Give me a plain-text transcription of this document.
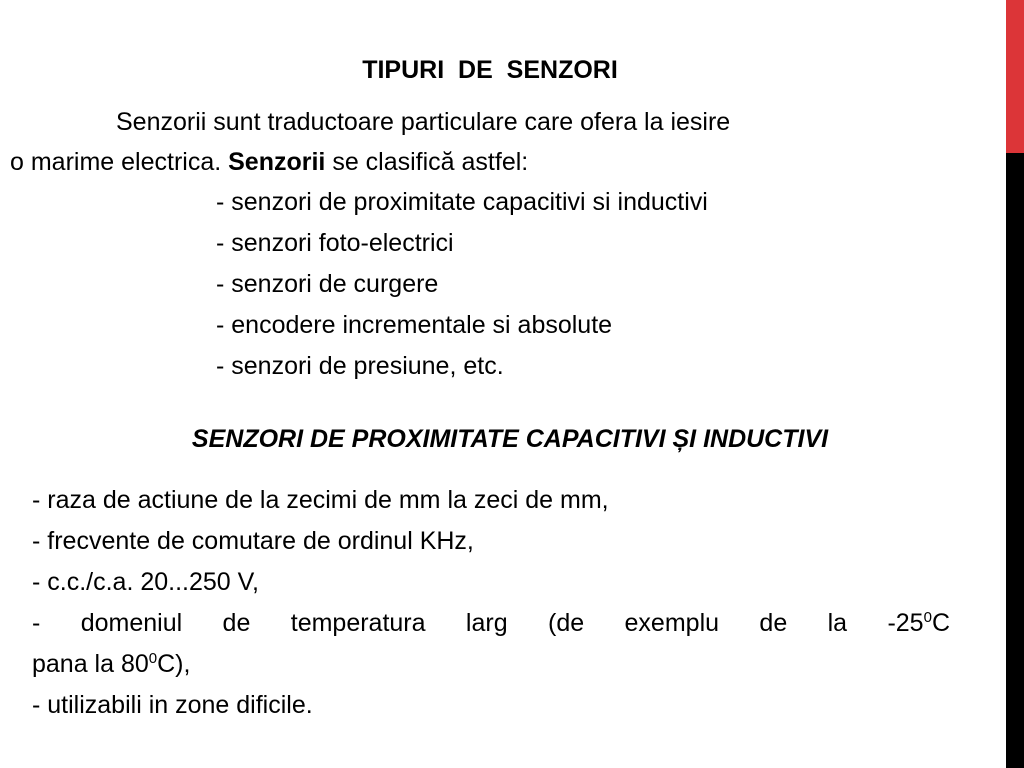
TIPURI  DE  SENZORI

Senzorii sunt traductoare particulare care ofera la iesire
o marime electrica. Senzorii se clasifică astfel:

- senzori de proximitate capacitivi si inductivi
- senzori foto-electrici
- senzori de curgere
- encodere incrementale si absolute
- senzori de presiune, etc.
SENZORI DE PROXIMITATE CAPACITIVI ȘI INDUCTIVI
- raza de actiune de la zecimi de mm la zeci de mm,
- frecvente de comutare de ordinul KHz,
- c.c./c.a. 20...250 V,
- domeniul de temperatura larg (de exemplu de la $-25^0C$
pana la $80^0C$),
- utilizabili in zone dificile.
